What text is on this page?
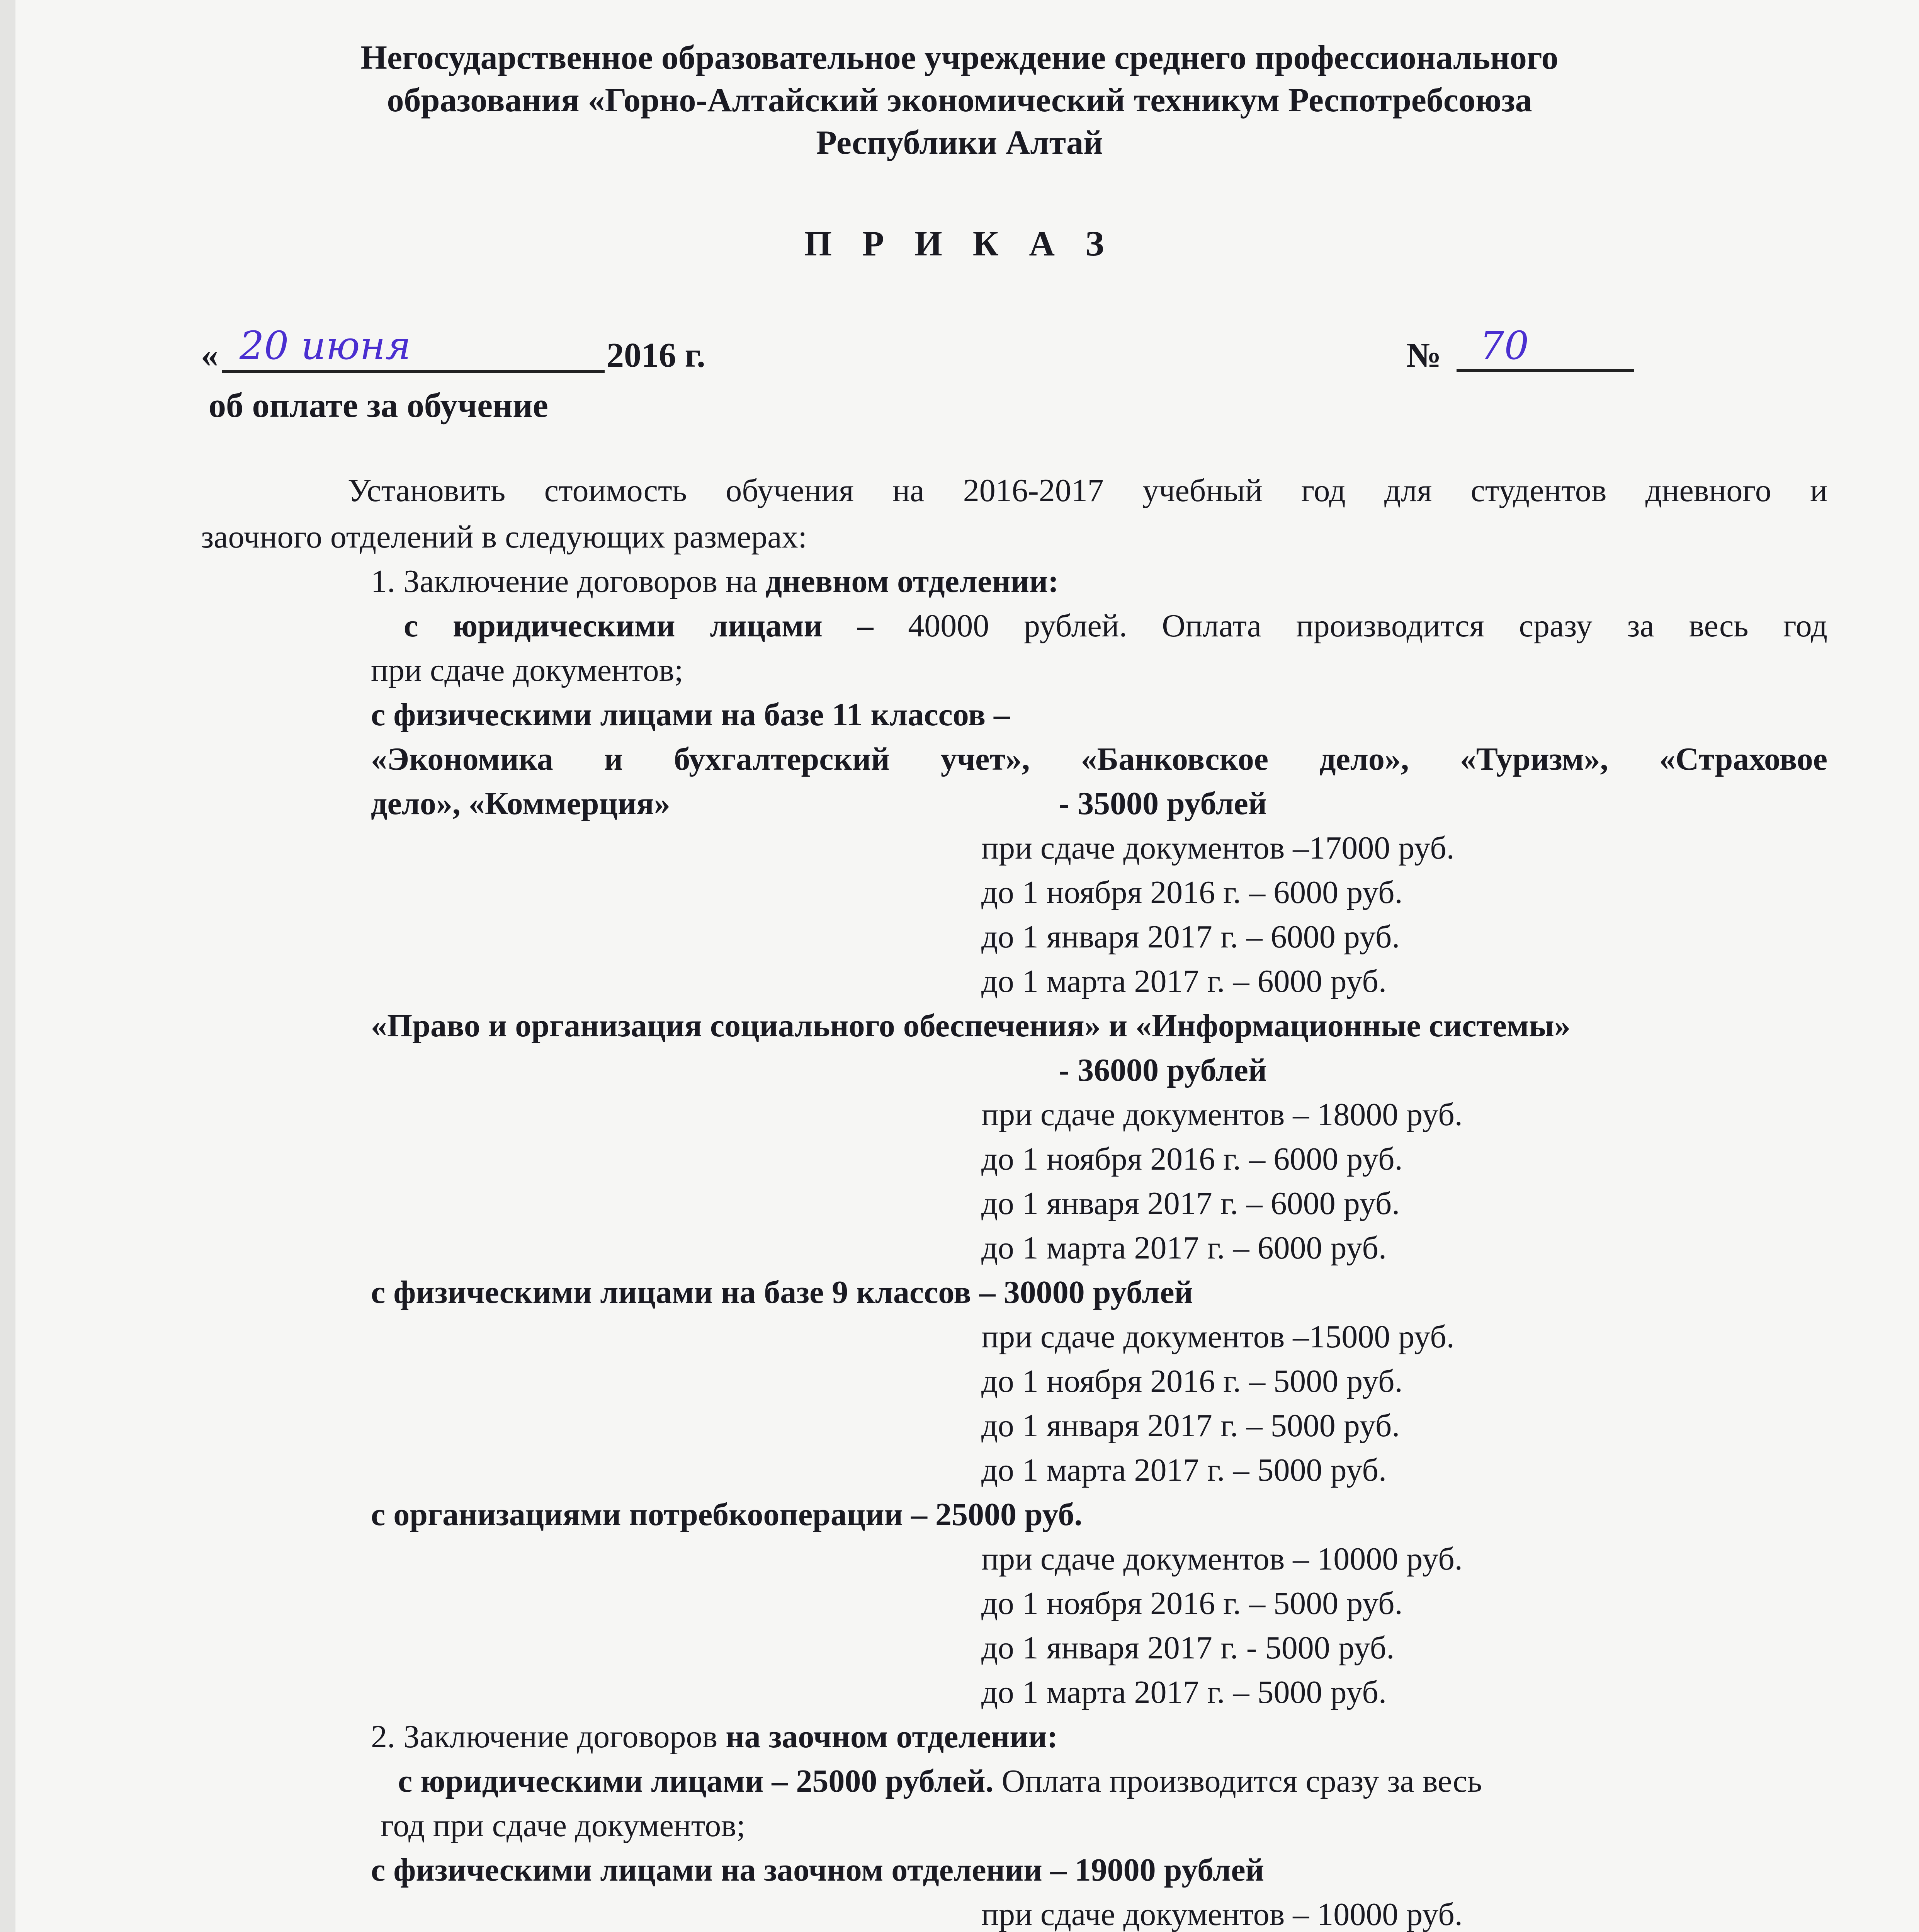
Негосударственное образовательное учреждение среднего профессионального
образования «Горно-Алтайский экономический техникум Респотребсоюза
Республики Алтай
П Р И К А З
« 20 июня	2016 г.	№ 70
об оплате за обучение
Установить стоимость обучения на 2016-2017 учебный год для студентов дневного и
заочного отделений в следующих размерах:
1. Заключение договоров на дневном отделении:
с юридическими лицами – 40000 рублей. Оплата производится сразу за весь год
при сдаче документов;
с физическими лицами на базе 11 классов –
«Экономика и бухгалтерский учет», «Банковское дело», «Туризм», «Страховое
дело», «Коммерция»	- 35000 рублей
при сдаче документов –17000 руб.
до 1 ноября 2016 г. – 6000 руб.
до 1 января 2017 г. – 6000 руб.
до 1 марта 2017 г. – 6000 руб.
«Право и организация социального обеспечения» и «Информационные системы»
- 36000 рублей
при сдаче документов – 18000 руб.
до 1 ноября 2016 г. – 6000 руб.
до 1 января 2017 г. – 6000 руб.
до 1 марта 2017 г. – 6000 руб.
с физическими лицами на базе 9 классов – 30000 рублей
при сдаче документов –15000 руб.
до 1 ноября 2016 г. – 5000 руб.
до 1 января 2017 г. – 5000 руб.
до 1 марта 2017 г. – 5000 руб.
с организациями потребкооперации – 25000 руб.
при сдаче документов – 10000 руб.
до 1 ноября 2016 г. – 5000 руб.
до 1 января 2017 г. - 5000 руб.
до 1 марта 2017 г. – 5000 руб.
2. Заключение договоров на заочном отделении:
с юридическими лицами – 25000 рублей. Оплата производится сразу за весь
год при сдаче документов;
с физическими лицами на заочном отделении – 19000 рублей
при сдаче документов – 10000 руб.
